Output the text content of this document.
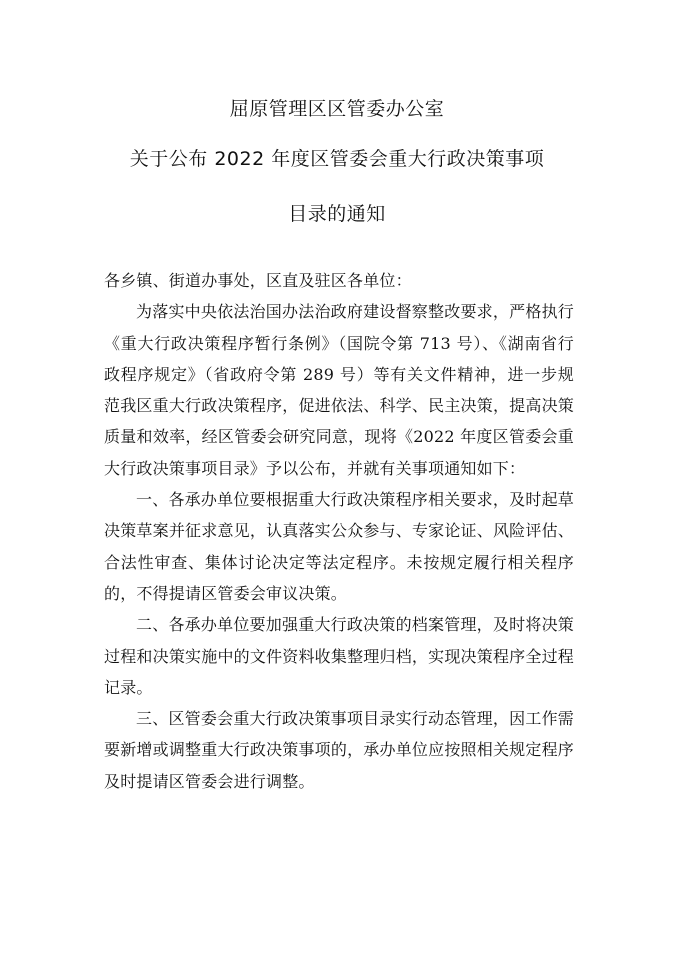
屈原管理区区管委办公室
关于公布 2022 年度区管委会重大行政决策事项
目录的通知

各乡镇、街道办事处，区直及驻区各单位：

为落实中央依法治国办法治政府建设督察整改要求，严格执行《重大行政决策程序暂行条例》（国院令第 713 号）、《湖南省行政程序规定》（省政府令第 289 号）等有关文件精神，进一步规范我区重大行政决策程序，促进依法、科学、民主决策，提高决策质量和效率，经区管委会研究同意，现将《2022 年度区管委会重大行政决策事项目录》予以公布，并就有关事项通知如下：

一、各承办单位要根据重大行政决策程序相关要求，及时起草决策草案并征求意见，认真落实公众参与、专家论证、风险评估、合法性审查、集体讨论决定等法定程序。未按规定履行相关程序的，不得提请区管委会审议决策。

二、各承办单位要加强重大行政决策的档案管理，及时将决策过程和决策实施中的文件资料收集整理归档，实现决策程序全过程记录。

三、区管委会重大行政决策事项目录实行动态管理，因工作需要新增或调整重大行政决策事项的，承办单位应按照相关规定程序及时提请区管委会进行调整。
